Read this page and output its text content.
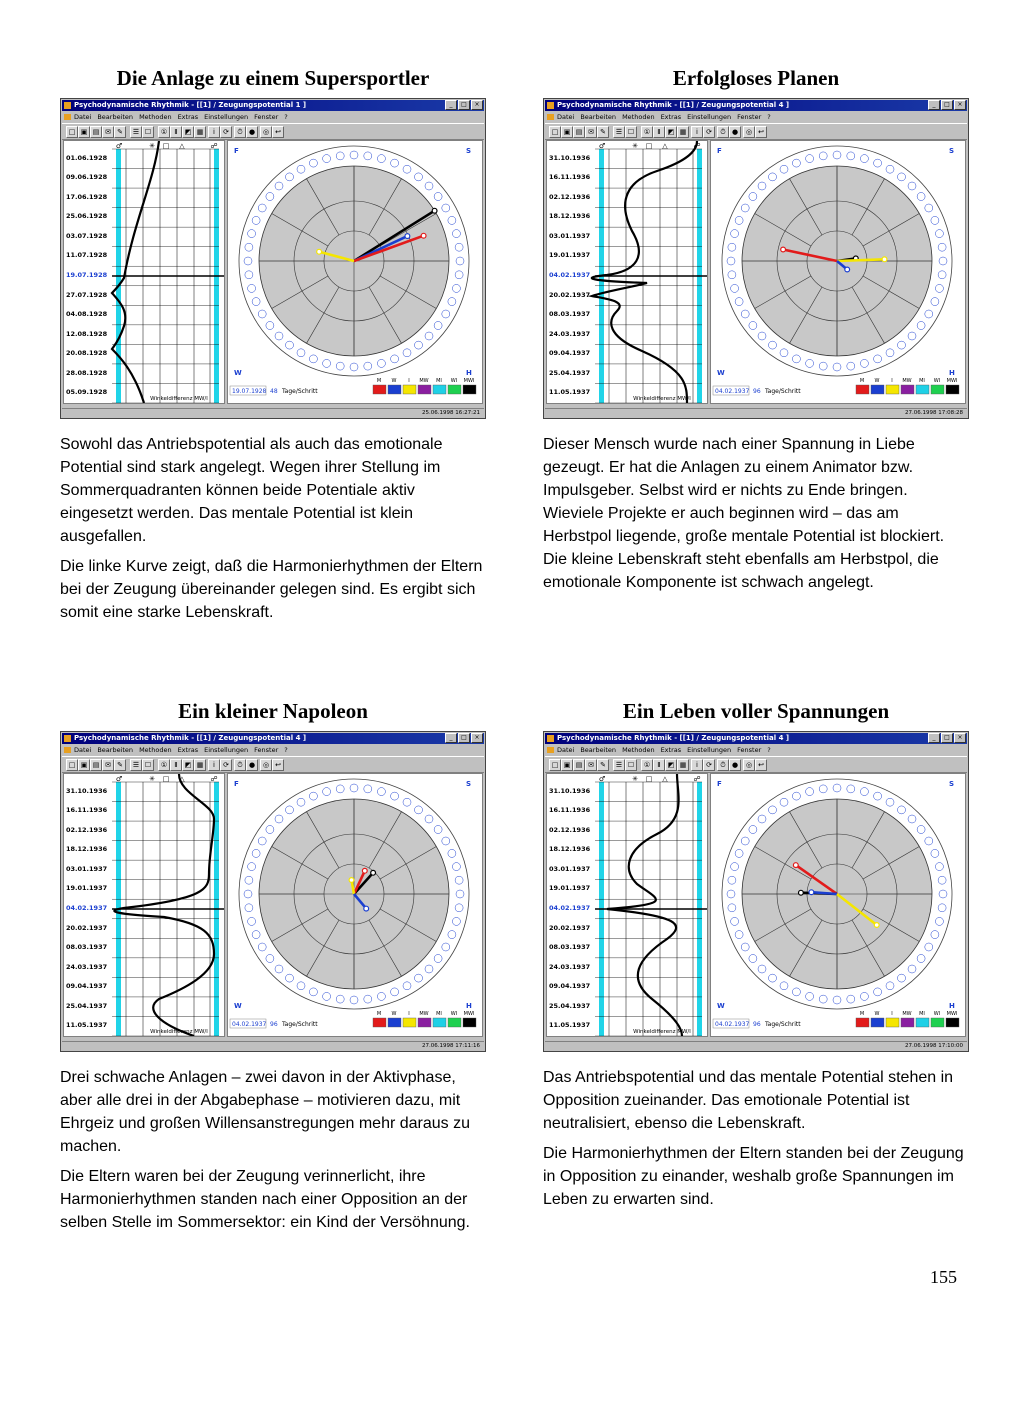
Die Anlage zu einem Supersportler
Psychodynamische Rhythmik - [[1] / Zeugungspotential 1 ]	_	□	×
Datei Bearbeiten Methoden Extras Einstellungen Fenster ?
□ ▣ ▤ ✉ ✎	☰ ☐	①	Ⅱ ◩ ▦	i	⟳	⏱ ●	◎ ↩
♂	✳ □ △	☍
Winkeldifferenz MW/l
01.06.1928
09.06.1928
17.06.1928
25.06.1928
03.07.1928
11.07.1928
19.07.1928
27.07.1928
04.08.1928
12.08.1928
20.08.1928
28.08.1928
05.09.1928
F	S
W	H
19.07.1928 48 Tage/Schritt
M W I MW MI WI MWI
25.06.1998 16:27:21

Sowohl das Antriebspotential als auch das emotionale Potential sind stark angelegt. Wegen ihrer Stellung im Sommerquadranten können beide Potentiale aktiv eingesetzt werden. Das mentale Potential ist klein ausgefallen.

Die linke Kurve zeigt, daß die Harmonierhythmen der Eltern bei der Zeugung übereinander gelegen sind. Es ergibt sich somit eine starke Lebenskraft.

Erfolgloses Planen
Psychodynamische Rhythmik - [[1] / Zeugungspotential 4 ]	_	□	×
Datei Bearbeiten Methoden Extras Einstellungen Fenster ?
□ ▣ ▤ ✉ ✎	☰ ☐	①	Ⅱ ◩ ▦	i	⟳	⏱ ●	◎ ↩
♂	✳ □ △	☍
Winkeldifferenz MW/l
31.10.1936
16.11.1936
02.12.1936
18.12.1936
03.01.1937
19.01.1937
04.02.1937
20.02.1937
08.03.1937
24.03.1937
09.04.1937
25.04.1937
11.05.1937
F	S
W	H
04.02.1937 96 Tage/Schritt
M W I MW MI WI MWI
27.06.1998 17:08:28

Dieser Mensch wurde nach einer Spannung in Liebe gezeugt. Er hat die Anlagen zu einem Animator bzw. Impulsgeber. Selbst wird er nichts zu Ende bringen. Wieviele Projekte er auch beginnen wird – das am Herbstpol liegende, große mentale Potential ist blockiert. Die kleine Lebenskraft steht ebenfalls am Herbstpol, die emotionale Komponente ist schwach angelegt.

Ein kleiner Napoleon
Psychodynamische Rhythmik - [[1] / Zeugungspotential 4 ]	_	□	×
Datei Bearbeiten Methoden Extras Einstellungen Fenster ?
□ ▣ ▤ ✉ ✎	☰ ☐	①	Ⅱ ◩ ▦	i	⟳	⏱ ●	◎ ↩
♂	✳ □ △	☍
Winkeldifferenz MW/l
31.10.1936
16.11.1936
02.12.1936
18.12.1936
03.01.1937
19.01.1937
04.02.1937
20.02.1937
08.03.1937
24.03.1937
09.04.1937
25.04.1937
11.05.1937
F	S
W	H
04.02.1937 96 Tage/Schritt
M W I MW MI WI MWI
27.06.1998 17:11:16

Drei schwache Anlagen – zwei davon in der Aktivphase, aber alle drei in der Abgabephase – motivieren dazu, mit Ehrgeiz und großen Willensanstregungen mehr daraus zu machen.

Die Eltern waren bei der Zeugung verinnerlicht, ihre Harmonierhythmen standen nach einer Opposition an der selben Stelle im Sommersektor: ein Kind der Versöhnung.

Ein Leben voller Spannungen
Psychodynamische Rhythmik - [[1] / Zeugungspotential 4 ]	_	□	×
Datei Bearbeiten Methoden Extras Einstellungen Fenster ?
□ ▣ ▤ ✉ ✎	☰ ☐	①	Ⅱ ◩ ▦	i	⟳	⏱ ●	◎ ↩
♂	✳ □ △	☍
Winkeldifferenz MW/l
31.10.1936
16.11.1936
02.12.1936
18.12.1936
03.01.1937
19.01.1937
04.02.1937
20.02.1937
08.03.1937
24.03.1937
09.04.1937
25.04.1937
11.05.1937
F	S
W	H
04.02.1937 96 Tage/Schritt
M W I MW MI WI MWI
27.06.1998 17:10:00

Das Antriebspotential und das mentale Potential stehen in Opposition zueinander. Das emotionale Potential ist neutralisiert, ebenso die Lebenskraft.

Die Harmonierhythmen der Eltern standen bei der Zeugung in Opposition zu einander, weshalb große Spannungen im Leben zu erwarten sind.

155
